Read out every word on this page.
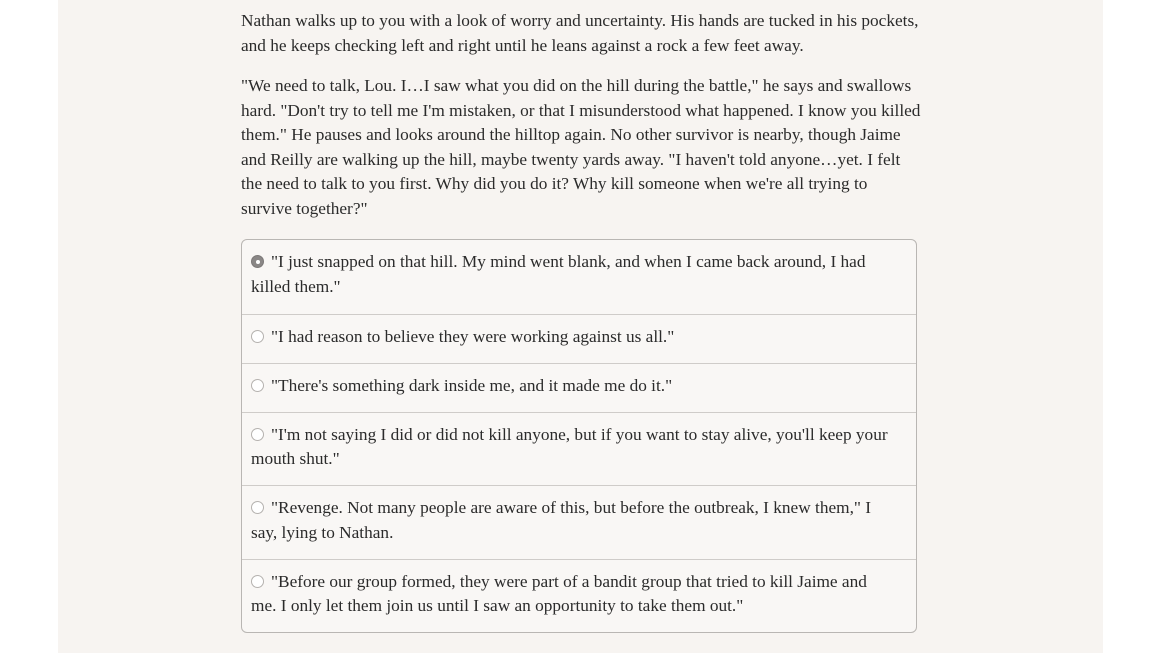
Nathan walks up to you with a look of worry and uncertainty. His hands are tucked in his pockets, and he keeps checking left and right until he leans against a rock a few feet away.

"We need to talk, Lou. I…I saw what you did on the hill during the battle," he says and swallows hard. "Don't try to tell me I'm mistaken, or that I misunderstood what happened. I know you killed them." He pauses and looks around the hilltop again. No other survivor is nearby, though Jaime and Reilly are walking up the hill, maybe twenty yards away. "I haven't told anyone…yet. I felt the need to talk to you first. Why did you do it? Why kill someone when we're all trying to survive together?"

"I just snapped on that hill. My mind went blank, and when I came back around, I had killed them."
"I had reason to believe they were working against us all."
"There's something dark inside me, and it made me do it."
"I'm not saying I did or did not kill anyone, but if you want to stay alive, you'll keep your mouth shut."
"Revenge. Not many people are aware of this, but before the outbreak, I knew them," I say, lying to Nathan.
"Before our group formed, they were part of a bandit group that tried to kill Jaime and me. I only let them join us until I saw an opportunity to take them out."
